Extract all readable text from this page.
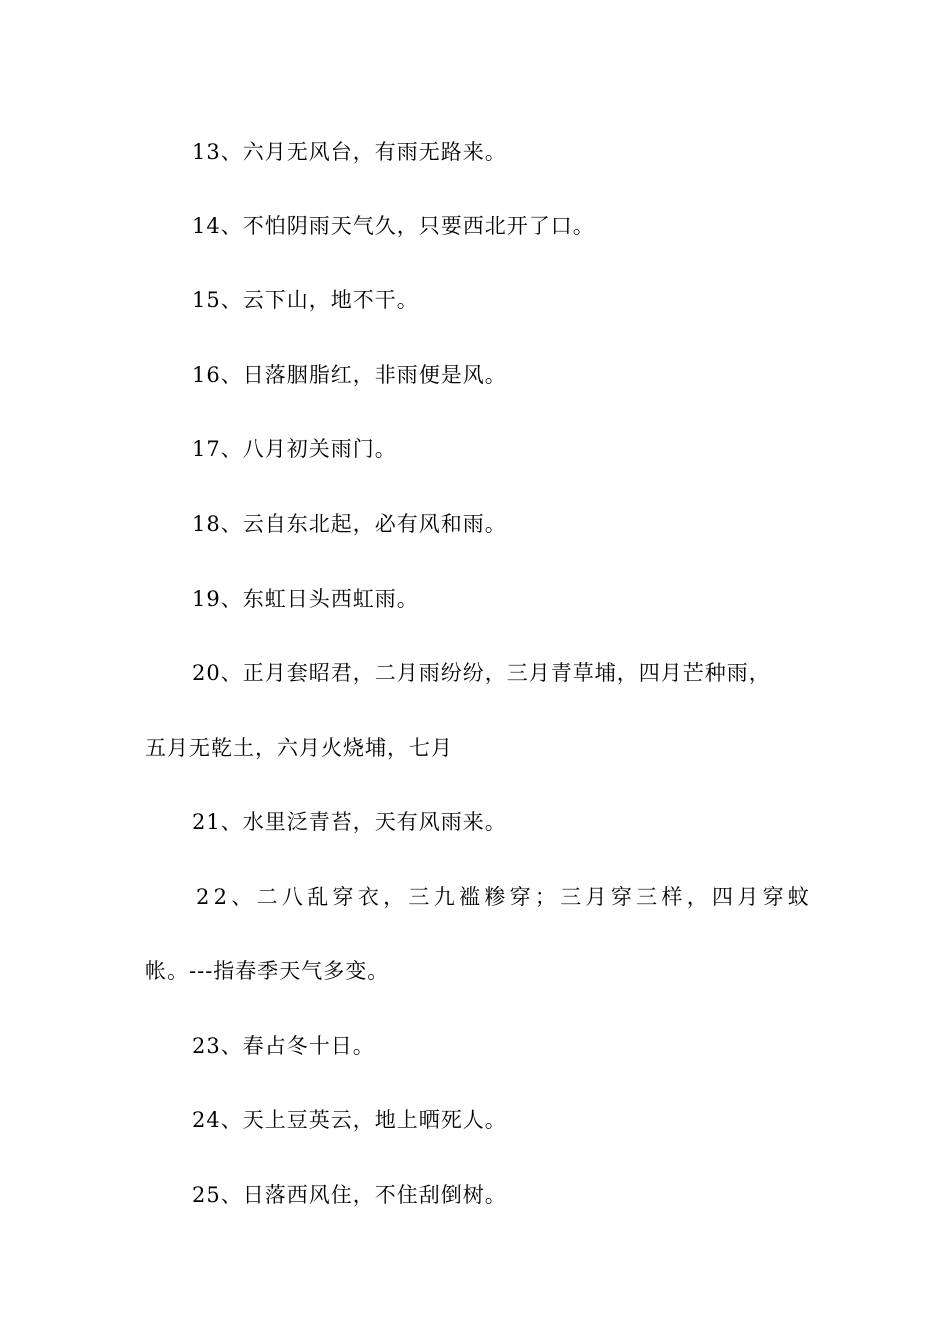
13、六月无风台，有雨无路来。
14、不怕阴雨天气久，只要西北开了口。
15、云下山，地不干。
16、日落胭脂红，非雨便是风。
17、八月初关雨门。
18、云自东北起，必有风和雨。
19、东虹日头西虹雨。
20、正月套昭君，二月雨纷纷，三月青草埔，四月芒种雨，
五月无乾土，六月火烧埔，七月
21、水里泛青苔，天有风雨来。
22、二八乱穿衣，三九褴糁穿；三月穿三样，四月穿蚊
帐。---指春季天气多变。
23、春占冬十日。
24、天上豆英云，地上晒死人。
25、日落西风住，不住刮倒树。
